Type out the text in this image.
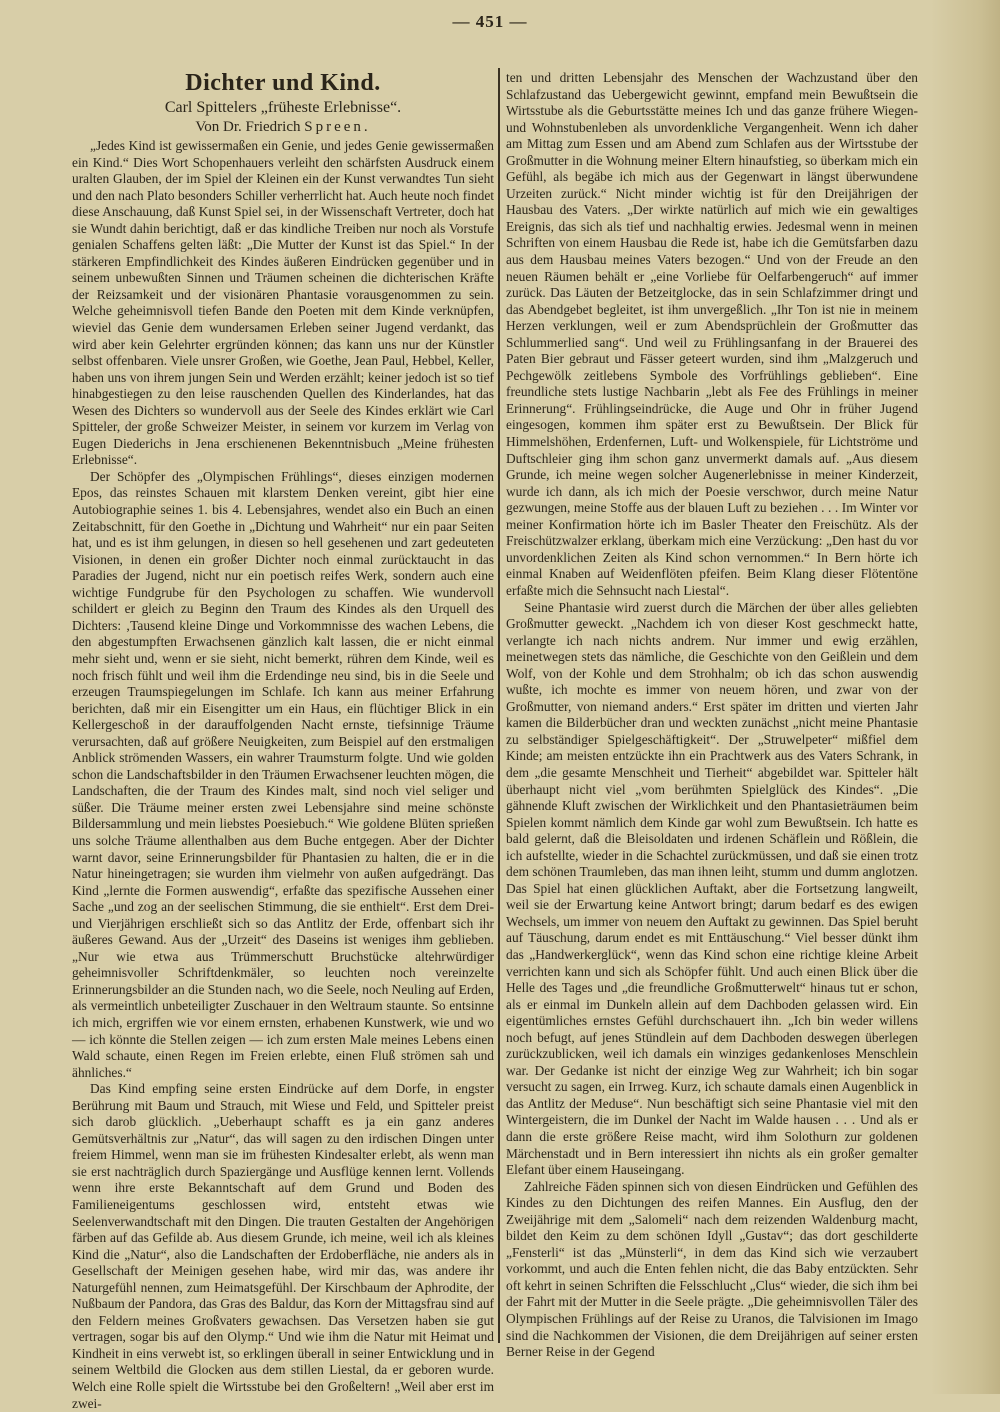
— 451 —
Dichter und Kind.
Carl Spittelers „früheste Erlebnisse“.
Von Dr. Friedrich Spreen.

„Jedes Kind ist gewissermaßen ein Genie, und jedes Genie gewissermaßen ein Kind.“ Dies Wort Schopenhauers verleiht den schärfsten Ausdruck einem uralten Glauben, der im Spiel der Kleinen ein der Kunst verwandtes Tun sieht und den nach Plato besonders Schiller verherrlicht hat. Auch heute noch findet diese Anschauung, daß Kunst Spiel sei, in der Wissenschaft Vertreter, doch hat sie Wundt dahin berichtigt, daß er das kindliche Treiben nur noch als Vorstufe genialen Schaffens gelten läßt: „Die Mutter der Kunst ist das Spiel.“ In der stärkeren Empfindlichkeit des Kindes äußeren Eindrücken gegenüber und in seinem unbewußten Sinnen und Träumen scheinen die dichterischen Kräfte der Reizsamkeit und der visionären Phantasie vorausgenommen zu sein. Welche geheimnisvoll tiefen Bande den Poeten mit dem Kinde verknüpfen, wieviel das Genie dem wundersamen Erleben seiner Jugend verdankt, das wird aber kein Gelehrter ergründen können; das kann uns nur der Künstler selbst offenbaren. Viele unsrer Großen, wie Goethe, Jean Paul, Hebbel, Keller, haben uns von ihrem jungen Sein und Werden erzählt; keiner jedoch ist so tief hinabgestiegen zu den leise rauschenden Quellen des Kinderlandes, hat das Wesen des Dichters so wundervoll aus der Seele des Kindes erklärt wie Carl Spitteler, der große Schweizer Meister, in seinem vor kurzem im Verlag von Eugen Diederichs in Jena erschienenen Bekenntnisbuch „Meine frühesten Erlebnisse“.

Der Schöpfer des „Olympischen Frühlings“, dieses einzigen modernen Epos, das reinstes Schauen mit klarstem Denken vereint, gibt hier eine Autobiographie seines 1. bis 4. Lebensjahres, wendet also ein Buch an einen Zeitabschnitt, für den Goethe in „Dichtung und Wahrheit“ nur ein paar Seiten hat, und es ist ihm gelungen, in diesen so hell gesehenen und zart gedeuteten Visionen, in denen ein großer Dichter noch einmal zurücktaucht in das Paradies der Jugend, nicht nur ein poetisch reifes Werk, sondern auch eine wichtige Fundgrube für den Psychologen zu schaffen. Wie wundervoll schildert er gleich zu Beginn den Traum des Kindes als den Urquell des Dichters: ‚Tausend kleine Dinge und Vorkommnisse des wachen Lebens, die den abgestumpften Erwachsenen gänzlich kalt lassen, die er nicht einmal mehr sieht und, wenn er sie sieht, nicht bemerkt, rühren dem Kinde, weil es noch frisch fühlt und weil ihm die Erdendinge neu sind, bis in die Seele und erzeugen Traumspiegelungen im Schlafe. Ich kann aus meiner Erfahrung berichten, daß mir ein Eisengitter um ein Haus, ein flüchtiger Blick in ein Kellergeschoß in der darauffolgenden Nacht ernste, tiefsinnige Träume verursachten, daß auf größere Neuigkeiten, zum Beispiel auf den erstmaligen Anblick strömenden Wassers, ein wahrer Traumsturm folgte. Und wie golden schon die Landschaftsbilder in den Träumen Erwachsener leuchten mögen, die Landschaften, die der Traum des Kindes malt, sind noch viel seliger und süßer. Die Träume meiner ersten zwei Lebensjahre sind meine schönste Bildersammlung und mein liebstes Poesiebuch.“ Wie goldene Blüten sprießen uns solche Träume allenthalben aus dem Buche entgegen. Aber der Dichter warnt davor, seine Erinnerungsbilder für Phantasien zu halten, die er in die Natur hineingetragen; sie wurden ihm vielmehr von außen aufgedrängt. Das Kind „lernte die Formen auswendig“, erfaßte das spezifische Aussehen einer Sache „und zog an der seelischen Stimmung, die sie enthielt“. Erst dem Drei- und Vierjährigen erschließt sich so das Antlitz der Erde, offenbart sich ihr äußeres Gewand. Aus der „Urzeit“ des Daseins ist weniges ihm geblieben. „Nur wie etwa aus Trümmerschutt Bruchstücke altehrwürdiger geheimnisvoller Schriftdenkmäler, so leuchten noch vereinzelte Erinnerungsbilder an die Stunden nach, wo die Seele, noch Neuling auf Erden, als vermeintlich unbeteiligter Zuschauer in den Weltraum staunte. So entsinne ich mich, ergriffen wie vor einem ernsten, erhabenen Kunstwerk, wie und wo — ich könnte die Stellen zeigen — ich zum ersten Male meines Lebens einen Wald schaute, einen Regen im Freien erlebte, einen Fluß strömen sah und ähnliches.“

Das Kind empfing seine ersten Eindrücke auf dem Dorfe, in engster Berührung mit Baum und Strauch, mit Wiese und Feld, und Spitteler preist sich darob glücklich. „Ueberhaupt schafft es ja ein ganz anderes Gemütsverhältnis zur „Natur“, das will sagen zu den irdischen Dingen unter freiem Himmel, wenn man sie im frühesten Kindesalter erlebt, als wenn man sie erst nachträglich durch Spaziergänge und Ausflüge kennen lernt. Vollends wenn ihre erste Bekanntschaft auf dem Grund und Boden des Familieneigentums geschlossen wird, entsteht etwas wie Seelenverwandtschaft mit den Dingen. Die trauten Gestalten der Angehörigen färben auf das Gefilde ab. Aus diesem Grunde, ich meine, weil ich als kleines Kind die „Natur“, also die Landschaften der Erdoberfläche, nie anders als in Gesellschaft der Meinigen gesehen habe, wird mir das, was andere ihr Naturgefühl nennen, zum Heimatsgefühl. Der Kirschbaum der Aphrodite, der Nußbaum der Pandora, das Gras des Baldur, das Korn der Mittagsfrau sind auf den Feldern meines Großvaters gewachsen. Das Versetzen haben sie gut vertragen, sogar bis auf den Olymp.“ Und wie ihm die Natur mit Heimat und Kindheit in eins verwebt ist, so erklingen überall in seiner Entwicklung und in seinem Weltbild die Glocken aus dem stillen Liestal, da er geboren wurde. Welch eine Rolle spielt die Wirtsstube bei den Großeltern! „Weil aber erst im zwei-

ten und dritten Lebensjahr des Menschen der Wachzustand über den Schlafzustand das Uebergewicht gewinnt, empfand mein Bewußtsein die Wirtsstube als die Geburtsstätte meines Ich und das ganze frühere Wiegen- und Wohnstubenleben als unvordenkliche Vergangenheit. Wenn ich daher am Mittag zum Essen und am Abend zum Schlafen aus der Wirtsstube der Großmutter in die Wohnung meiner Eltern hinaufstieg, so überkam mich ein Gefühl, als begäbe ich mich aus der Gegenwart in längst überwundene Urzeiten zurück.“ Nicht minder wichtig ist für den Dreijährigen der Hausbau des Vaters. „Der wirkte natürlich auf mich wie ein gewaltiges Ereignis, das sich als tief und nachhaltig erwies. Jedesmal wenn in meinen Schriften von einem Hausbau die Rede ist, habe ich die Gemütsfarben dazu aus dem Hausbau meines Vaters bezogen.“ Und von der Freude an den neuen Räumen behält er „eine Vorliebe für Oelfarbengeruch“ auf immer zurück. Das Läuten der Betzeitglocke, das in sein Schlafzimmer dringt und das Abendgebet begleitet, ist ihm unvergeßlich. „Ihr Ton ist nie in meinem Herzen verklungen, weil er zum Abendsprüchlein der Großmutter das Schlummerlied sang“. Und weil zu Frühlingsanfang in der Brauerei des Paten Bier gebraut und Fässer geteert wurden, sind ihm „Malzgeruch und Pechgewölk zeitlebens Symbole des Vorfrühlings geblieben“. Eine freundliche stets lustige Nachbarin „lebt als Fee des Frühlings in meiner Erinnerung“. Frühlingseindrücke, die Auge und Ohr in früher Jugend eingesogen, kommen ihm später erst zu Bewußtsein. Der Blick für Himmelshöhen, Erdenfernen, Luft- und Wolkenspiele, für Lichtströme und Duftschleier ging ihm schon ganz unvermerkt damals auf. „Aus diesem Grunde, ich meine wegen solcher Augenerlebnisse in meiner Kinderzeit, wurde ich dann, als ich mich der Poesie verschwor, durch meine Natur gezwungen, meine Stoffe aus der blauen Luft zu beziehen . . . Im Winter vor meiner Konfirmation hörte ich im Basler Theater den Freischütz. Als der Freischützwalzer erklang, überkam mich eine Verzückung: „Den hast du vor unvordenklichen Zeiten als Kind schon vernommen.“ In Bern hörte ich einmal Knaben auf Weidenflöten pfeifen. Beim Klang dieser Flötentöne erfaßte mich die Sehnsucht nach Liestal“.

Seine Phantasie wird zuerst durch die Märchen der über alles geliebten Großmutter geweckt. „Nachdem ich von dieser Kost geschmeckt hatte, verlangte ich nach nichts andrem. Nur immer und ewig erzählen, meinetwegen stets das nämliche, die Geschichte von den Geißlein und dem Wolf, von der Kohle und dem Strohhalm; ob ich das schon auswendig wußte, ich mochte es immer von neuem hören, und zwar von der Großmutter, von niemand anders.“ Erst später im dritten und vierten Jahr kamen die Bilderbücher dran und weckten zunächst „nicht meine Phantasie zu selbständiger Spielgeschäftigkeit“. Der „Struwelpeter“ mißfiel dem Kinde; am meisten entzückte ihn ein Prachtwerk aus des Vaters Schrank, in dem „die gesamte Menschheit und Tierheit“ abgebildet war. Spitteler hält überhaupt nicht viel „vom berühmten Spielglück des Kindes“. „Die gähnende Kluft zwischen der Wirklichkeit und den Phantasieträumen beim Spielen kommt nämlich dem Kinde gar wohl zum Bewußtsein. Ich hatte es bald gelernt, daß die Bleisoldaten und irdenen Schäflein und Rößlein, die ich aufstellte, wieder in die Schachtel zurückmüssen, und daß sie einen trotz dem schönen Traumleben, das man ihnen leiht, stumm und dumm anglotzen. Das Spiel hat einen glücklichen Auftakt, aber die Fortsetzung langweilt, weil sie der Erwartung keine Antwort bringt; darum bedarf es des ewigen Wechsels, um immer von neuem den Auftakt zu gewinnen. Das Spiel beruht auf Täuschung, darum endet es mit Enttäuschung.“ Viel besser dünkt ihm das „Handwerkerglück“, wenn das Kind schon eine richtige kleine Arbeit verrichten kann und sich als Schöpfer fühlt. Und auch einen Blick über die Helle des Tages und „die freundliche Großmutterwelt“ hinaus tut er schon, als er einmal im Dunkeln allein auf dem Dachboden gelassen wird. Ein eigentümliches ernstes Gefühl durchschauert ihn. „Ich bin weder willens noch befugt, auf jenes Stündlein auf dem Dachboden deswegen überlegen zurückzublicken, weil ich damals ein winziges gedankenloses Menschlein war. Der Gedanke ist nicht der einzige Weg zur Wahrheit; ich bin sogar versucht zu sagen, ein Irrweg. Kurz, ich schaute damals einen Augenblick in das Antlitz der Meduse“. Nun beschäftigt sich seine Phantasie viel mit den Wintergeistern, die im Dunkel der Nacht im Walde hausen . . . Und als er dann die erste größere Reise macht, wird ihm Solothurn zur goldenen Märchenstadt und in Bern interessiert ihn nichts als ein großer gemalter Elefant über einem Hauseingang.

Zahlreiche Fäden spinnen sich von diesen Eindrücken und Gefühlen des Kindes zu den Dichtungen des reifen Mannes. Ein Ausflug, den der Zweijährige mit dem „Salomeli“ nach dem reizenden Waldenburg macht, bildet den Keim zu dem schönen Idyll „Gustav“; das dort geschilderte „Fensterli“ ist das „Münsterli“, in dem das Kind sich wie verzaubert vorkommt, und auch die Enten fehlen nicht, die das Baby entzückten. Sehr oft kehrt in seinen Schriften die Felsschlucht „Clus“ wieder, die sich ihm bei der Fahrt mit der Mutter in die Seele prägte. „Die geheimnisvollen Täler des Olympischen Frühlings auf der Reise zu Uranos, die Talvisionen im Imago sind die Nachkommen der Visionen, die dem Dreijährigen auf seiner ersten Berner Reise in der Gegend
